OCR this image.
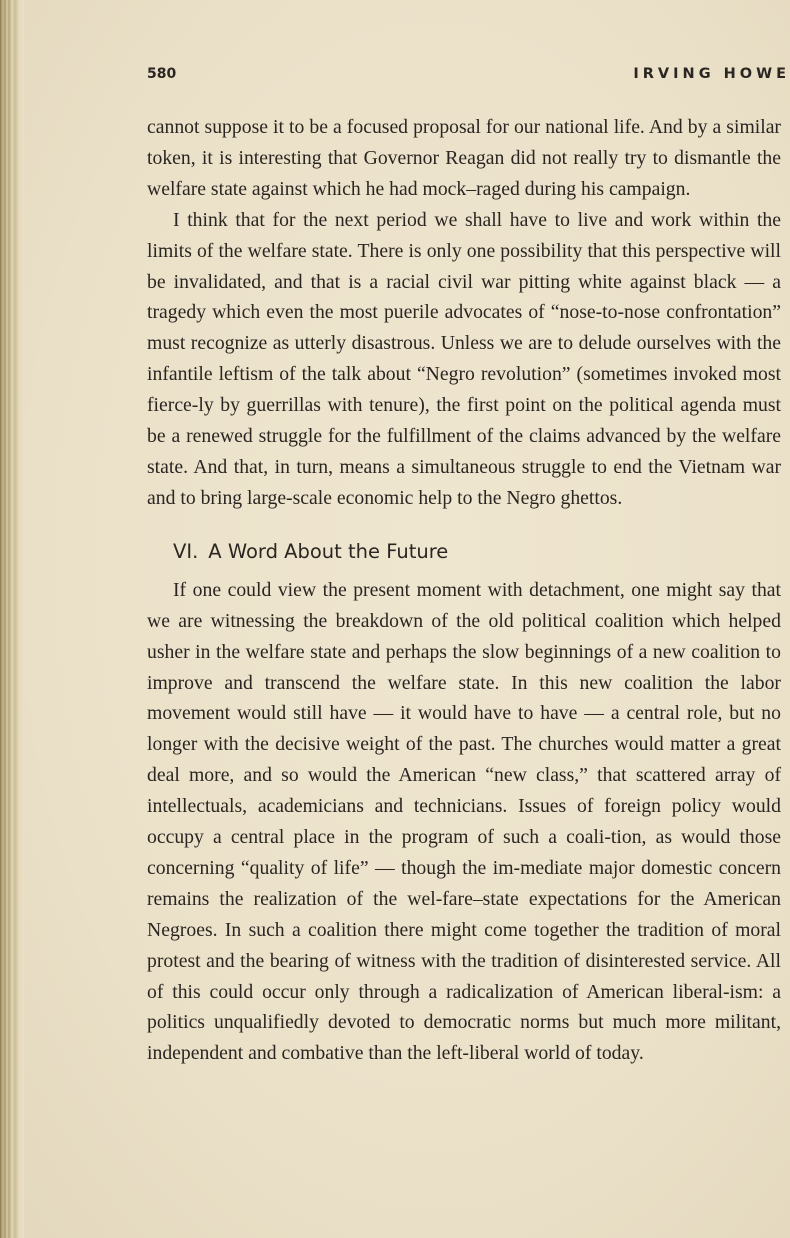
580	IRVING HOWE

cannot suppose it to be a focused proposal for our national life. And by a similar token, it is interesting that Governor Reagan did not really try to dismantle the welfare state against which he had mock–raged during his campaign.

I think that for the next period we shall have to live and work within the limits of the welfare state. There is only one possibility that this perspective will be invalidated, and that is a racial civil war pitting white against black — a tragedy which even the most puerile advocates of “nose-to-nose confrontation” must recognize as utterly disastrous. Unless we are to delude ourselves with the infantile leftism of the talk about “Negro revolution” (sometimes invoked most fierce-ly by guerrillas with tenure), the first point on the political agenda must be a renewed struggle for the fulfillment of the claims advanced by the welfare state. And that, in turn, means a simultaneous struggle to end the Vietnam war and to bring large-scale economic help to the Negro ghettos.

VI. A Word About the Future

If one could view the present moment with detachment, one might say that we are witnessing the breakdown of the old political coalition which helped usher in the welfare state and perhaps the slow beginnings of a new coalition to improve and transcend the welfare state. In this new coalition the labor movement would still have — it would have to have — a central role, but no longer with the decisive weight of the past. The churches would matter a great deal more, and so would the American “new class,” that scattered array of intellectuals, academicians and technicians. Issues of foreign policy would occupy a central place in the program of such a coali-tion, as would those concerning “quality of life” — though the im-mediate major domestic concern remains the realization of the wel-fare–state expectations for the American Negroes. In such a coalition there might come together the tradition of moral protest and the bearing of witness with the tradition of disinterested service. All of this could occur only through a radicalization of American liberal-ism: a politics unqualifiedly devoted to democratic norms but much more militant, independent and combative than the left-liberal world of today.
